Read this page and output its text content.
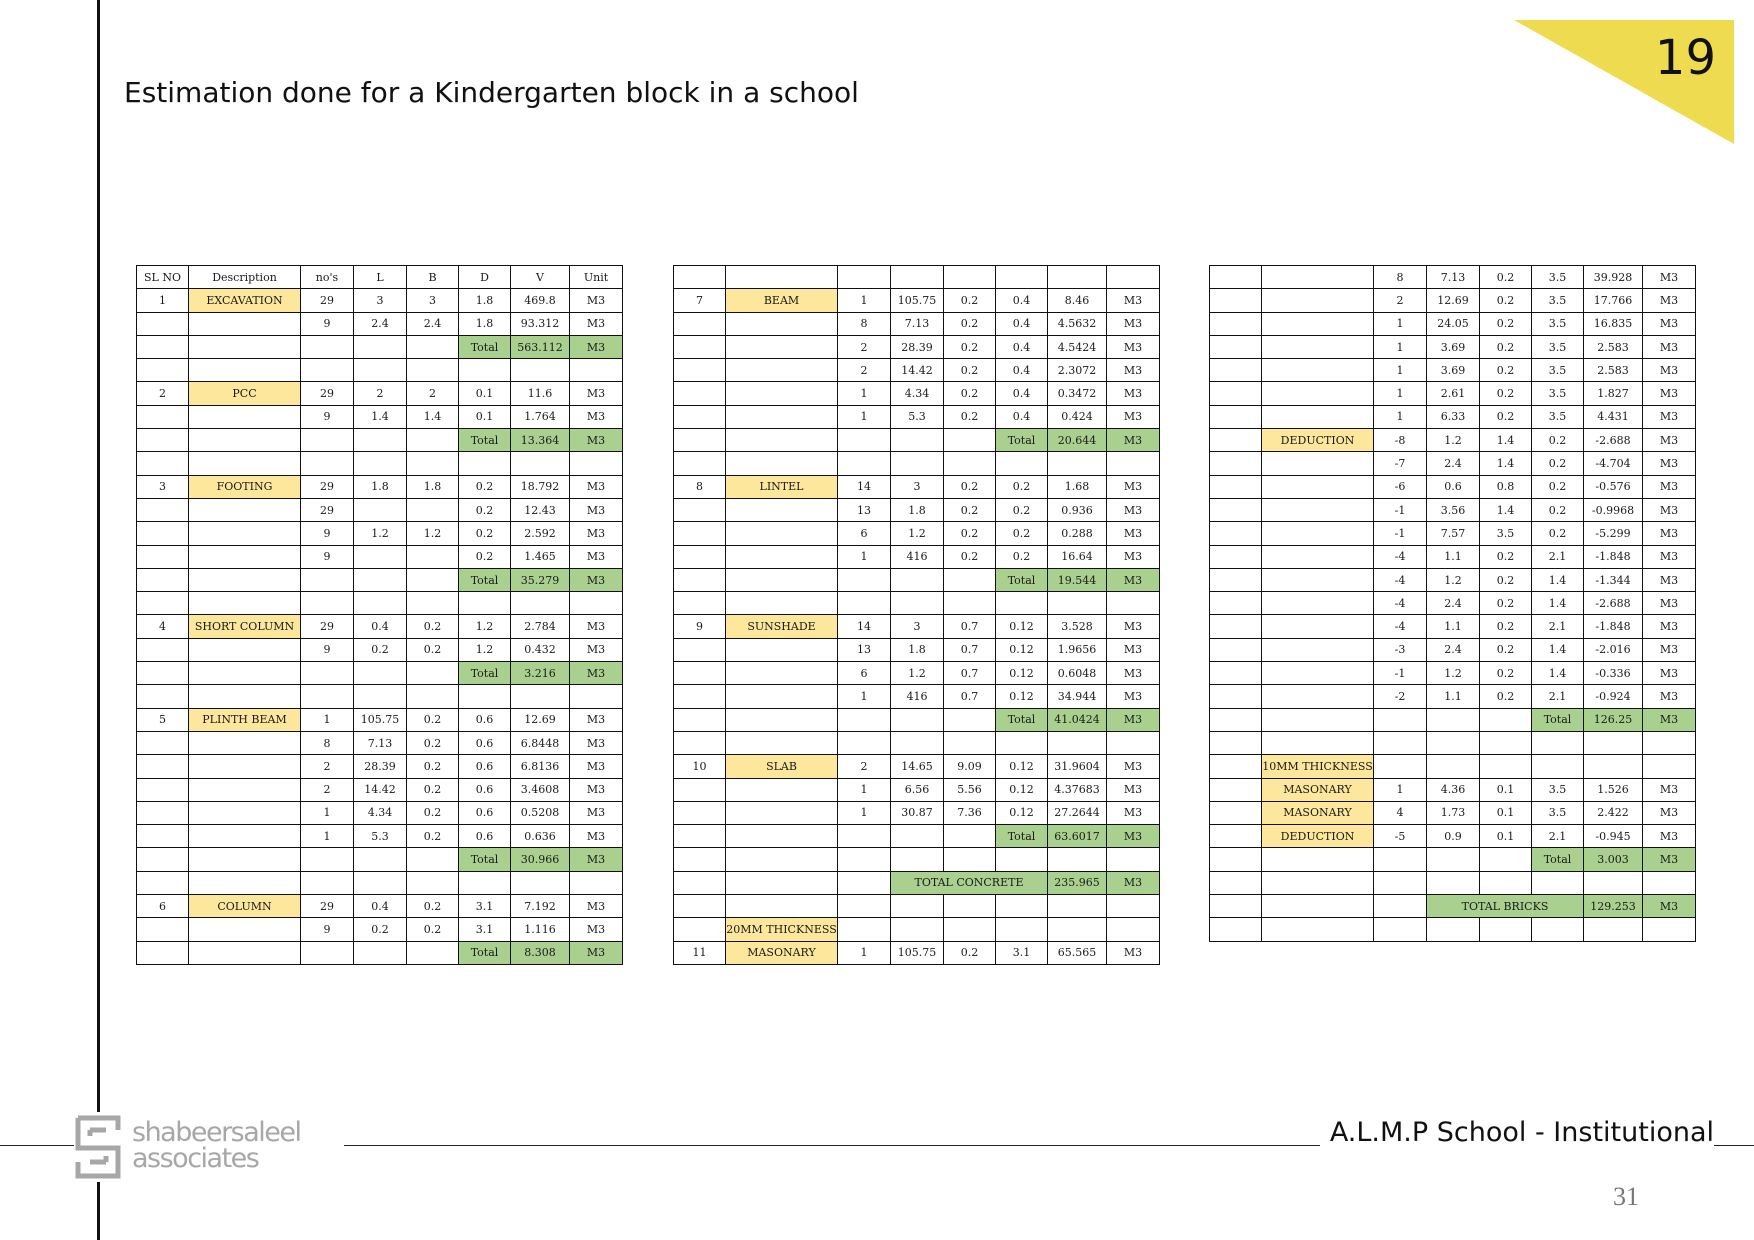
Estimation done for a Kindergarten block in a school
19
SL NO	Description	no's	L	B	D	V	Unit
1	EXCAVATION	29	3	3	1.8	469.8	M3
		9	2.4	2.4	1.8	93.312	M3
					Total	563.112	M3

2	PCC	29	2	2	0.1	11.6	M3
		9	1.4	1.4	0.1	1.764	M3
					Total	13.364	M3

3	FOOTING	29	1.8	1.8	0.2	18.792	M3
		29			0.2	12.43	M3
		9	1.2	1.2	0.2	2.592	M3
		9			0.2	1.465	M3
					Total	35.279	M3

4	SHORT COLUMN	29	0.4	0.2	1.2	2.784	M3
		9	0.2	0.2	1.2	0.432	M3
					Total	3.216	M3

5	PLINTH BEAM	1	105.75	0.2	0.6	12.69	M3
		8	7.13	0.2	0.6	6.8448	M3
		2	28.39	0.2	0.6	6.8136	M3
		2	14.42	0.2	0.6	3.4608	M3
		1	4.34	0.2	0.6	0.5208	M3
		1	5.3	0.2	0.6	0.636	M3
					Total	30.966	M3

6	COLUMN	29	0.4	0.2	3.1	7.192	M3
		9	0.2	0.2	3.1	1.116	M3
					Total	8.308	M3

7	BEAM	1	105.75	0.2	0.4	8.46	M3
		8	7.13	0.2	0.4	4.5632	M3
		2	28.39	0.2	0.4	4.5424	M3
		2	14.42	0.2	0.4	2.3072	M3
		1	4.34	0.2	0.4	0.3472	M3
		1	5.3	0.2	0.4	0.424	M3
					Total	20.644	M3

8	LINTEL	14	3	0.2	0.2	1.68	M3
		13	1.8	0.2	0.2	0.936	M3
		6	1.2	0.2	0.2	0.288	M3
		1	416	0.2	0.2	16.64	M3
					Total	19.544	M3

9	SUNSHADE	14	3	0.7	0.12	3.528	M3
		13	1.8	0.7	0.12	1.9656	M3
		6	1.2	0.7	0.12	0.6048	M3
		1	416	0.7	0.12	34.944	M3
					Total	41.0424	M3

10	SLAB	2	14.65	9.09	0.12	31.9604	M3
		1	6.56	5.56	0.12	4.37683	M3
		1	30.87	7.36	0.12	27.2644	M3
					Total	63.6017	M3

			TOTAL CONCRETE			235.965	M3

	20MM THICKNESS						
11	MASONARY	1	105.75	0.2	3.1	65.565	M3
		8	7.13	0.2	3.5	39.928	M3
		2	12.69	0.2	3.5	17.766	M3
		1	24.05	0.2	3.5	16.835	M3
		1	3.69	0.2	3.5	2.583	M3
		1	3.69	0.2	3.5	2.583	M3
		1	2.61	0.2	3.5	1.827	M3
		1	6.33	0.2	3.5	4.431	M3
	DEDUCTION	-8	1.2	1.4	0.2	-2.688	M3
		-7	2.4	1.4	0.2	-4.704	M3
		-6	0.6	0.8	0.2	-0.576	M3
		-1	3.56	1.4	0.2	-0.9968	M3
		-1	7.57	3.5	0.2	-5.299	M3
		-4	1.1	0.2	2.1	-1.848	M3
		-4	1.2	0.2	1.4	-1.344	M3
		-4	2.4	0.2	1.4	-2.688	M3
		-4	1.1	0.2	2.1	-1.848	M3
		-3	2.4	0.2	1.4	-2.016	M3
		-1	1.2	0.2	1.4	-0.336	M3
		-2	1.1	0.2	2.1	-0.924	M3
					Total	126.25	M3

	10MM THICKNESS						
	MASONARY	1	4.36	0.1	3.5	1.526	M3
	MASONARY	4	1.73	0.1	3.5	2.422	M3
	DEDUCTION	-5	0.9	0.1	2.1	-0.945	M3
					Total	3.003	M3

			TOTAL BRICKS			129.253	M3

shabeersaleel
associates
A.L.M.P School - Institutional
31
